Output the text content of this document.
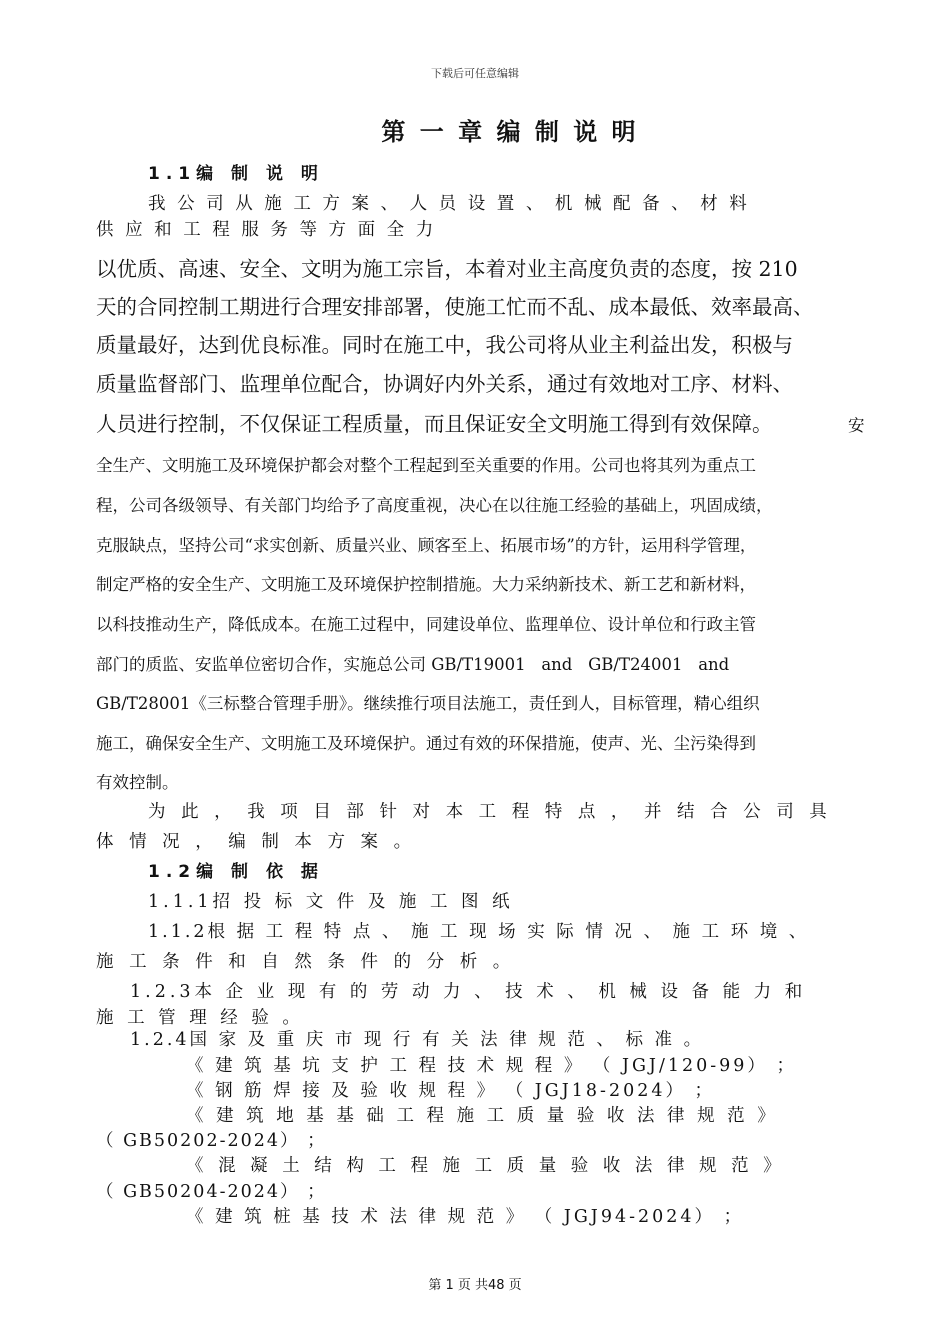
下载后可任意编辑
第 一 章 编 制 说 明
1.1编 制 说 明
我 公 司 从 施 工 方 案 、 人 员 设 置 、 机 械 配 备 、 材 料
供 应 和 工 程 服 务 等 方 面 全 力
以优质、高速、安全、文明为施工宗旨，本着对业主高度负责的态度，按 210
天的合同控制工期进行合理安排部署，使施工忙而不乱、成本最低、效率最高、
质量最好，达到优良标准。同时在施工中，我公司将从业主利益出发，积极与
质量监督部门、监理单位配合，协调好内外关系，通过有效地对工序、材料、
人员进行控制，不仅保证工程质量，而且保证安全文明施工得到有效保障。	安
全生产、文明施工及环境保护都会对整个工程起到至关重要的作用。公司也将其列为重点工
程，公司各级领导、有关部门均给予了高度重视，决心在以往施工经验的基础上，巩固成绩，
克服缺点，坚持公司“求实创新、质量兴业、顾客至上、拓展市场”的方针，运用科学管理，
制定严格的安全生产、文明施工及环境保护控制措施。大力采纳新技术、新工艺和新材料，
以科技推动生产，降低成本。在施工过程中，同建设单位、监理单位、设计单位和行政主管
部门的质监、安监单位密切合作，实施总公司 GB/T19001   and   GB/T24001   and
GB/T28001《三标整合管理手册》。继续推行项目法施工，责任到人，目标管理，精心组织
施工，确保安全生产、文明施工及环境保护。通过有效的环保措施，使声、光、尘污染得到
有效控制。
为 此 ， 我 项 目 部 针 对 本 工 程 特 点 ， 并 结 合 公 司 具
体 情 况 ， 编 制 本 方 案 。
1.2编 制 依 据
1.1.1招 投 标 文 件 及 施 工 图 纸
1.1.2根 据 工 程 特 点 、 施 工 现 场 实 际 情 况 、 施 工 环 境 、
施 工 条 件 和 自 然 条 件 的 分 析 。
1.2.3本 企 业 现 有 的 劳 动 力 、 技 术 、 机 械 设 备 能 力 和
施 工 管 理 经 验 。
1.2.4国 家 及 重 庆 市 现 行 有 关 法 律 规 范 、 标 准 。
《 建 筑 基 坑 支 护 工 程 技 术 规 程 》 （ JGJ/120-99） ；
《 钢 筋 焊 接 及 验 收 规 程 》 （ JGJ18-2024） ；
《 建 筑 地 基 基 础 工 程 施 工 质 量 验 收 法 律 规 范 》
（ GB50202-2024） ；
《 混 凝 土 结 构 工 程 施 工 质 量 验 收 法 律 规 范 》
（ GB50204-2024） ；
《 建 筑 桩 基 技 术 法 律 规 范 》 （ JGJ94-2024） ；
第 1 页 共48 页
